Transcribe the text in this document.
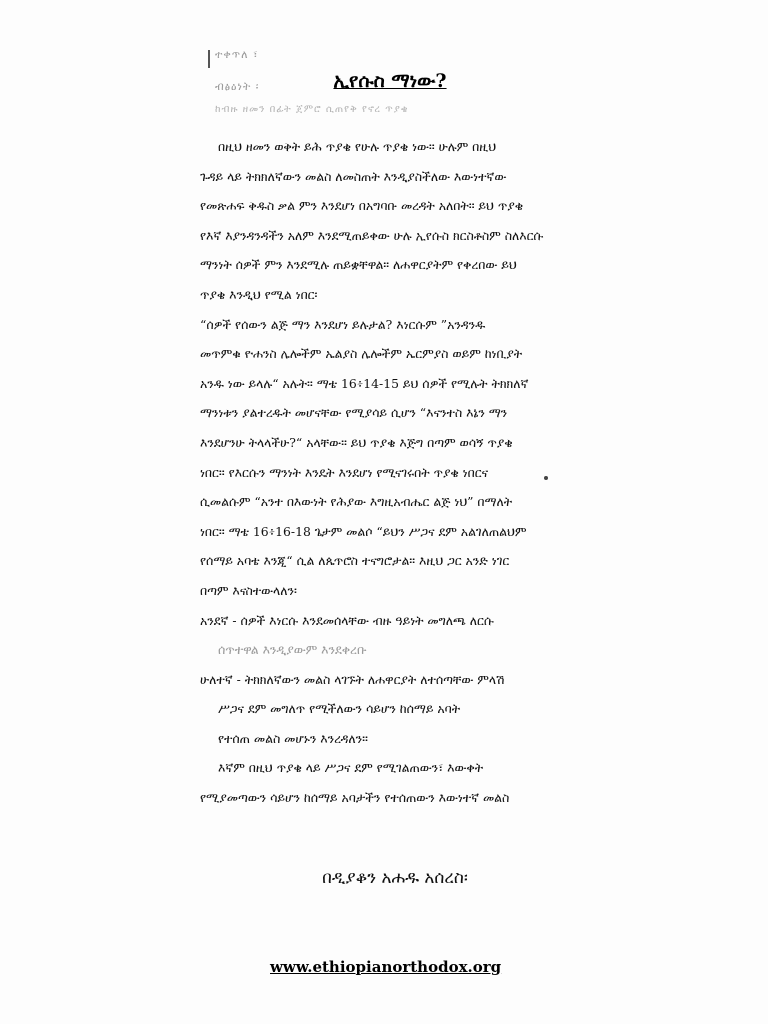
ተቀጥለ ፣
ብፅዕነት ፡	ኢየሱስ ማነው?
ከብዙ ዘመን በፊት ጀምሮ ሲጠየቅ የኖረ ጥያቄ
በዚህ ዘመን ወቅት ይሕ ጥያቄ የሁሉ ጥያቄ ነው። ሁሉም በዚህ
ጉዳይ ላይ ትክክለኛውን መልስ ለመስጠት እንዲያስችለው እውነተኛው
የመጽሐፍ ቅዱስ ቃል ምን እንደሆነ በአግባቡ መረዳት አለበት። ይህ ጥያቄ
የእኛ እያንዳንዳችን አለም እንደሚጠይቀው ሁሉ ኢየሱስ ክርስቶስም ስለእርሱ
ማንነት ሰዎች ምን እንደሚሉ ጠይቋቸዋል። ለሐዋርያትም የቀረበው ይህ
ጥያቄ እንዲህ የሚል ነበር፡
“ሰዎች የሰውን ልጅ ማን እንደሆነ ይሉታል? እነርሱም ”አንዳንዱ
መጥምቁ ዮሐንስ ሌሎችም ኤልያስ ሌሎችም ኤርምያስ ወይም ከነቢያት
አንዱ ነው ይላሉ“ አሉት። ማቴ 16፥14-15 ይህ ሰዎች የሚሉት ትክክለኛ
ማንነቱን ያልተረዱት መሆናቸው የሚያሳይ ሲሆን “እናንተስ እኔን ማን
እንደሆንሁ ትላላችሁ?“ አላቸው። ይህ ጥያቄ እጅግ በጣም ወሳኝ ጥያቄ
ነበር። የእርሱን ማንነት እንዴት እንደሆነ የሚናገሩበት ጥያቄ ነበርና
ሲመልሱም “አንተ በእውነት የሕያው እግዚአብሔር ልጅ ነህ” በማለት
ነበር። ማቴ 16፥16-18 ጌታም መልሶ “ይህን ሥጋና ደም አልገለጠልህም
የሰማይ አባቴ እንጂ“ ሲል ለጴጥሮስ ተናግሮታል። እዚህ ጋር አንድ ነገር
በጣም እናስተውላለን፡
አንደኛ - ሰዎች እነርሱ እንደመሰላቸው ብዙ ዓይነት መግለጫ ለርሱ
ሰጥተዋል እንዲያውም እንደቀረቡ
ሁለተኛ - ትክክለኛውን መልስ ላገኙት ለሐዋርያት ለተሰጣቸው ምላሽ
ሥጋና ደም መግለጥ የሚችለውን ሳይሆን ከሰማይ አባት
የተሰጠ መልስ መሆኑን እንረዳለን።
እኛም በዚህ ጥያቄ ላይ ሥጋና ደም የሚገልጠውን፣ እውቀት
የሚያመጣውን ሳይሆን ከሰማይ አባታችን የተሰጠውን እውነተኛ መልስ
በዲያቆን አሐዱ አሰረስ፡
www.ethiopianorthodox.org
